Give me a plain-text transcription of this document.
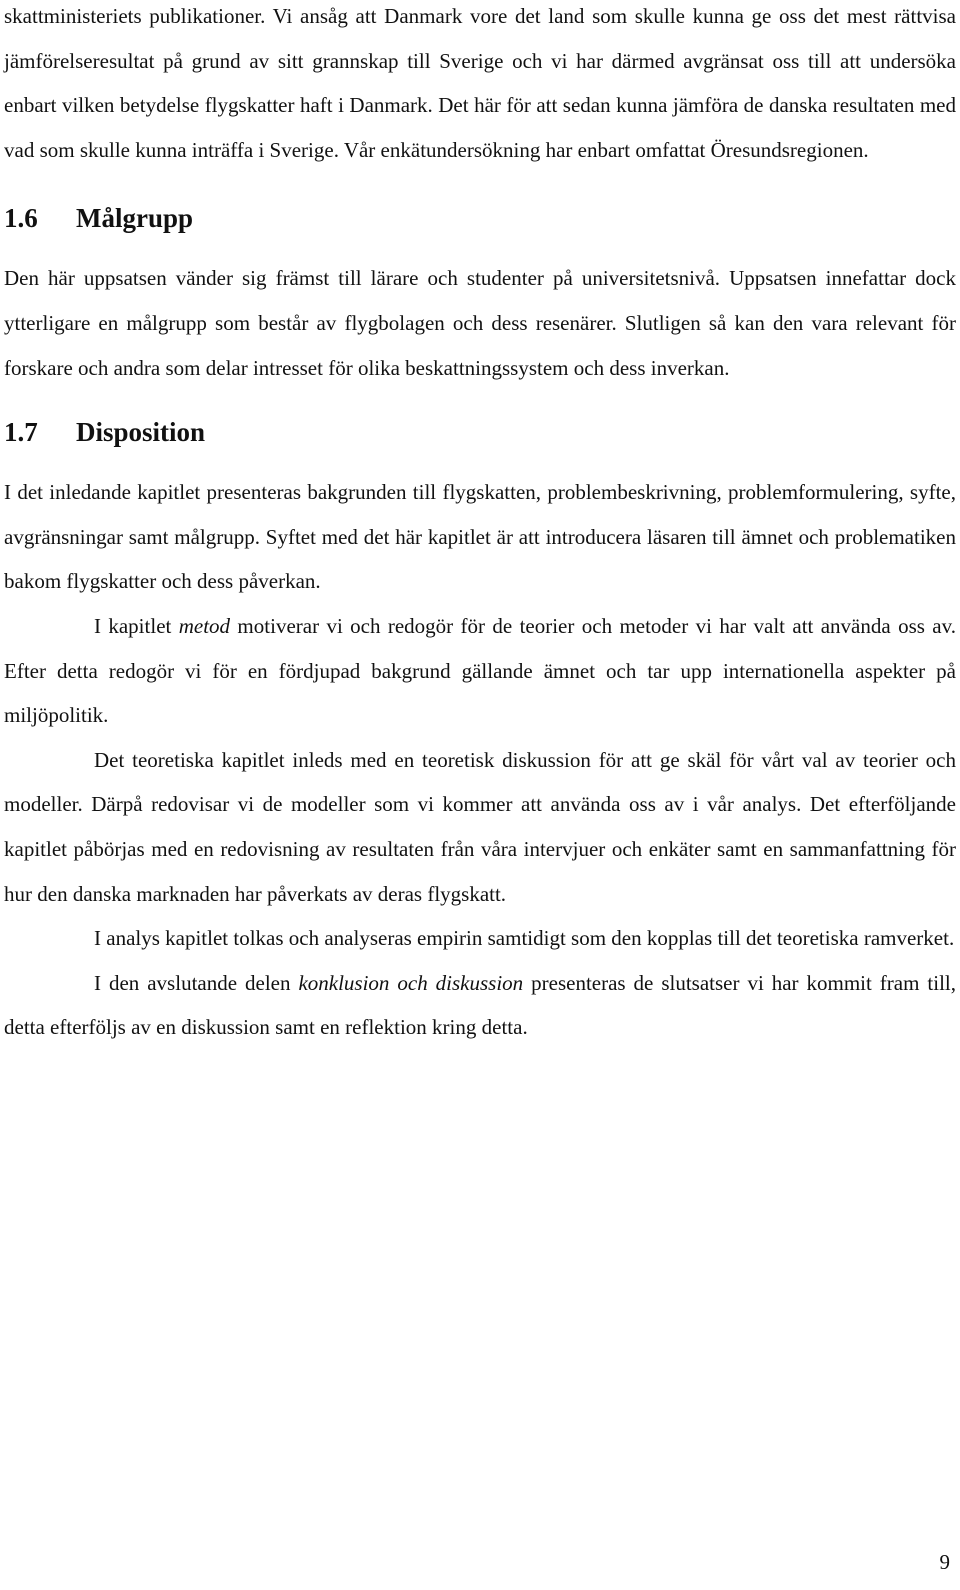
skattministeriets publikationer. Vi ansåg att Danmark vore det land som skulle kunna ge oss det mest rättvisa jämförelseresultat på grund av sitt grannskap till Sverige och vi har därmed avgränsat oss till att undersöka enbart vilken betydelse flygskatter haft i Danmark. Det här för att sedan kunna jämföra de danska resultaten med vad som skulle kunna inträffa i Sverige. Vår enkätundersökning har enbart omfattat Öresundsregionen.

1.6 Målgrupp

Den här uppsatsen vänder sig främst till lärare och studenter på universitetsnivå. Uppsatsen innefattar dock ytterligare en målgrupp som består av flygbolagen och dess resenärer. Slutligen så kan den vara relevant för forskare och andra som delar intresset för olika beskattningssystem och dess inverkan.

1.7 Disposition

I det inledande kapitlet presenteras bakgrunden till flygskatten, problembeskrivning, problemformulering, syfte, avgränsningar samt målgrupp. Syftet med det här kapitlet är att introducera läsaren till ämnet och problematiken bakom flygskatter och dess påverkan.

I kapitlet metod motiverar vi och redogör för de teorier och metoder vi har valt att använda oss av. Efter detta redogör vi för en fördjupad bakgrund gällande ämnet och tar upp internationella aspekter på miljöpolitik.

Det teoretiska kapitlet inleds med en teoretisk diskussion för att ge skäl för vårt val av teorier och modeller. Därpå redovisar vi de modeller som vi kommer att använda oss av i vår analys. Det efterföljande kapitlet påbörjas med en redovisning av resultaten från våra intervjuer och enkäter samt en sammanfattning för hur den danska marknaden har påverkats av deras flygskatt.

I analys kapitlet tolkas och analyseras empirin samtidigt som den kopplas till det teoretiska ramverket.

I den avslutande delen konklusion och diskussion presenteras de slutsatser vi har kommit fram till, detta efterföljs av en diskussion samt en reflektion kring detta.

9
